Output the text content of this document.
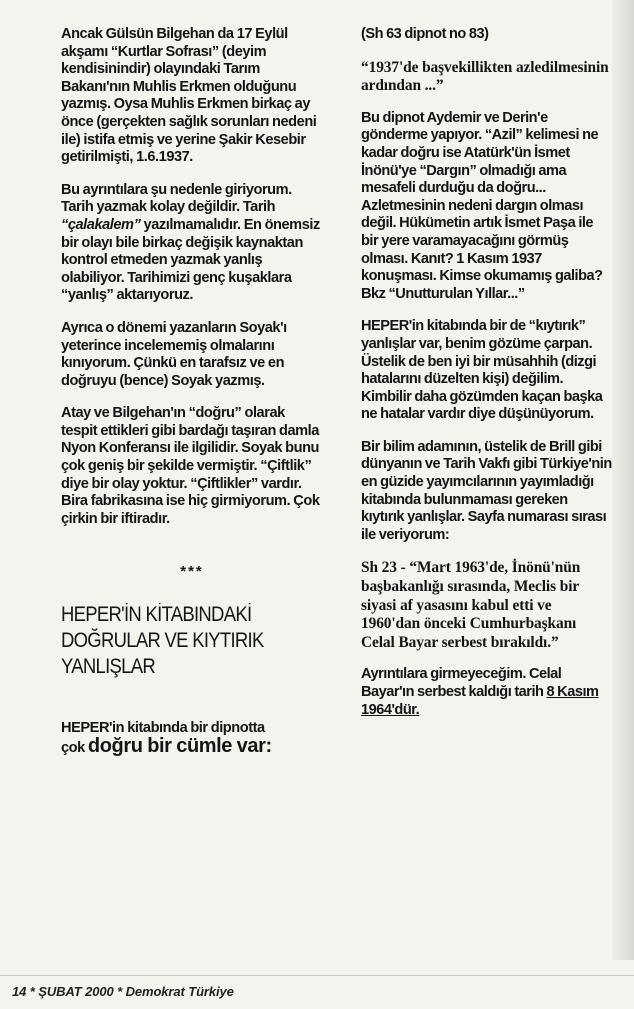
Ancak Gülsün Bilgehan da 17 Eylül akşamı “Kurtlar Sofrası” (deyim kendisinindir) olayındaki Tarım Bakanı'nın Muhlis Erkmen olduğunu yazmış. Oysa Muhlis Erkmen birkaç ay önce (gerçekten sağlık sorunları nedeni ile) istifa etmiş ve yerine Şakir Kesebir getirilmişti, 1.6.1937.

Bu ayrıntılara şu nedenle giriyorum. Tarih yazmak kolay değildir. Tarih “çalakalem” yazılmamalıdır. En önemsiz bir olayı bile birkaç değişik kaynaktan kontrol etmeden yazmak yanlış olabiliyor. Tarihimizi genç kuşaklara “yanlış” aktarıyoruz.

Ayrıca o dönemi yazanların Soyak'ı yeterince incelememiş olmalarını kınıyorum. Çünkü en tarafsız ve en doğruyu (bence) Soyak yazmış.

Atay ve Bilgehan'ın “doğru” olarak tespit ettikleri gibi bardağı taşıran damla Nyon Konferansı ile ilgilidir. Soyak bunu çok geniş bir şekilde vermiştir. “Çiftlik” diye bir olay yoktur. “Çiftlikler” vardır. Bira fabrikasına ise hiç girmiyorum. Çok çirkin bir iftiradır.

***
HEPER'İN KİTABINDAKİ DOĞRULAR VE KIYTIRIK YANLIŞLAR

HEPER'in kitabında bir dipnotta
çok doğru bir cümle var:

(Sh 63 dipnot no 83)

“1937'de başvekillikten azledilmesinin ardından ...”

Bu dipnot Aydemir ve Derin'e gönderme yapıyor. “Azil” kelimesi ne kadar doğru ise Atatürk'ün İsmet İnönü'ye “Dargın” olmadığı ama mesafeli durduğu da doğru... Azletmesinin nedeni dargın olması değil. Hükümetin artık İsmet Paşa ile bir yere varamayacağını görmüş olması. Kanıt? 1 Kasım 1937 konuşması. Kimse okumamış galiba? Bkz “Unutturulan Yıllar...”

HEPER'in kitabında bir de “kıytırık” yanlışlar var, benim gözüme çarpan. Üstelik de ben iyi bir müsahhih (dizgi hatalarını düzelten kişi) değilim. Kimbilir daha gözümden kaçan başka ne hatalar vardır diye düşünüyorum.

Bir bilim adamının, üstelik de Brill gibi dünyanın ve Tarih Vakfı gibi Türkiye'nin en güzide yayımcılarının yayımladığı kitabında bulunmaması gereken kıytırık yanlışlar. Sayfa numarası sırası ile veriyorum:

Sh 23 - “Mart 1963'de, İnönü'nün başbakanlığı sırasında, Meclis bir siyasi af yasasını kabul etti ve 1960'dan önceki Cumhurbaşkanı Celal Bayar serbest bırakıldı.”

Ayrıntılara girmeyeceğim. Celal Bayar'ın serbest kaldığı tarih 8 Kasım 1964'dür.

14 * ŞUBAT 2000 * Demokrat Türkiye
